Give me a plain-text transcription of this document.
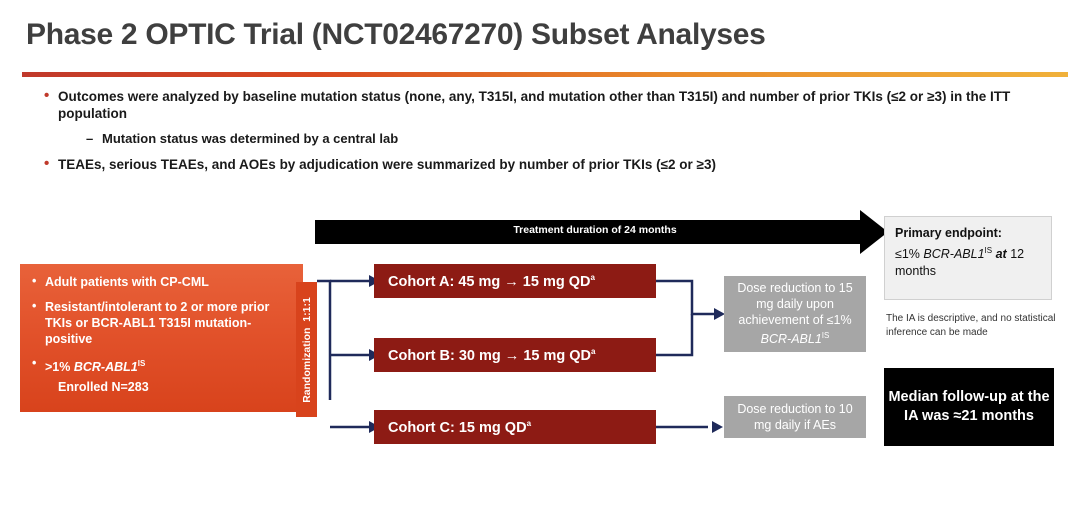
Phase 2 OPTIC Trial (NCT02467270) Subset Analyses
• Outcomes were analyzed by baseline mutation status (none, any, T315I, and mutation other than T315I) and number of prior TKIs (≤2 or ≥3) in the ITT population
– Mutation status was determined by a central lab
• TEAEs, serious TEAEs, and AOEs by adjudication were summarized by number of prior TKIs (≤2 or ≥3)
Treatment duration of 24 months
• Adult patients with CP-CML
• Resistant/intolerant to 2 or more prior TKIs or BCR-ABL1 T315I mutation-positive
• >1% BCR-$ABL1^{IS}$
Enrolled N=283	Randomization  1:1:1
Cohort A: 45 mg → 15 mg $QD^a$
Cohort B: 30 mg → 15 mg $QD^a$
Cohort C: 15 mg $QD^a$
Dose reduction to 15 mg daily upon achievement of ≤1% BCR-$ABL1^{IS}$
Dose reduction to 10 mg daily if AEs
Primary endpoint:
≤1% BCR-$ABL1^{IS}$ at 12 months
The IA is descriptive, and no statistical inference can be made
Median follow-up at the IA was ≈21 months
